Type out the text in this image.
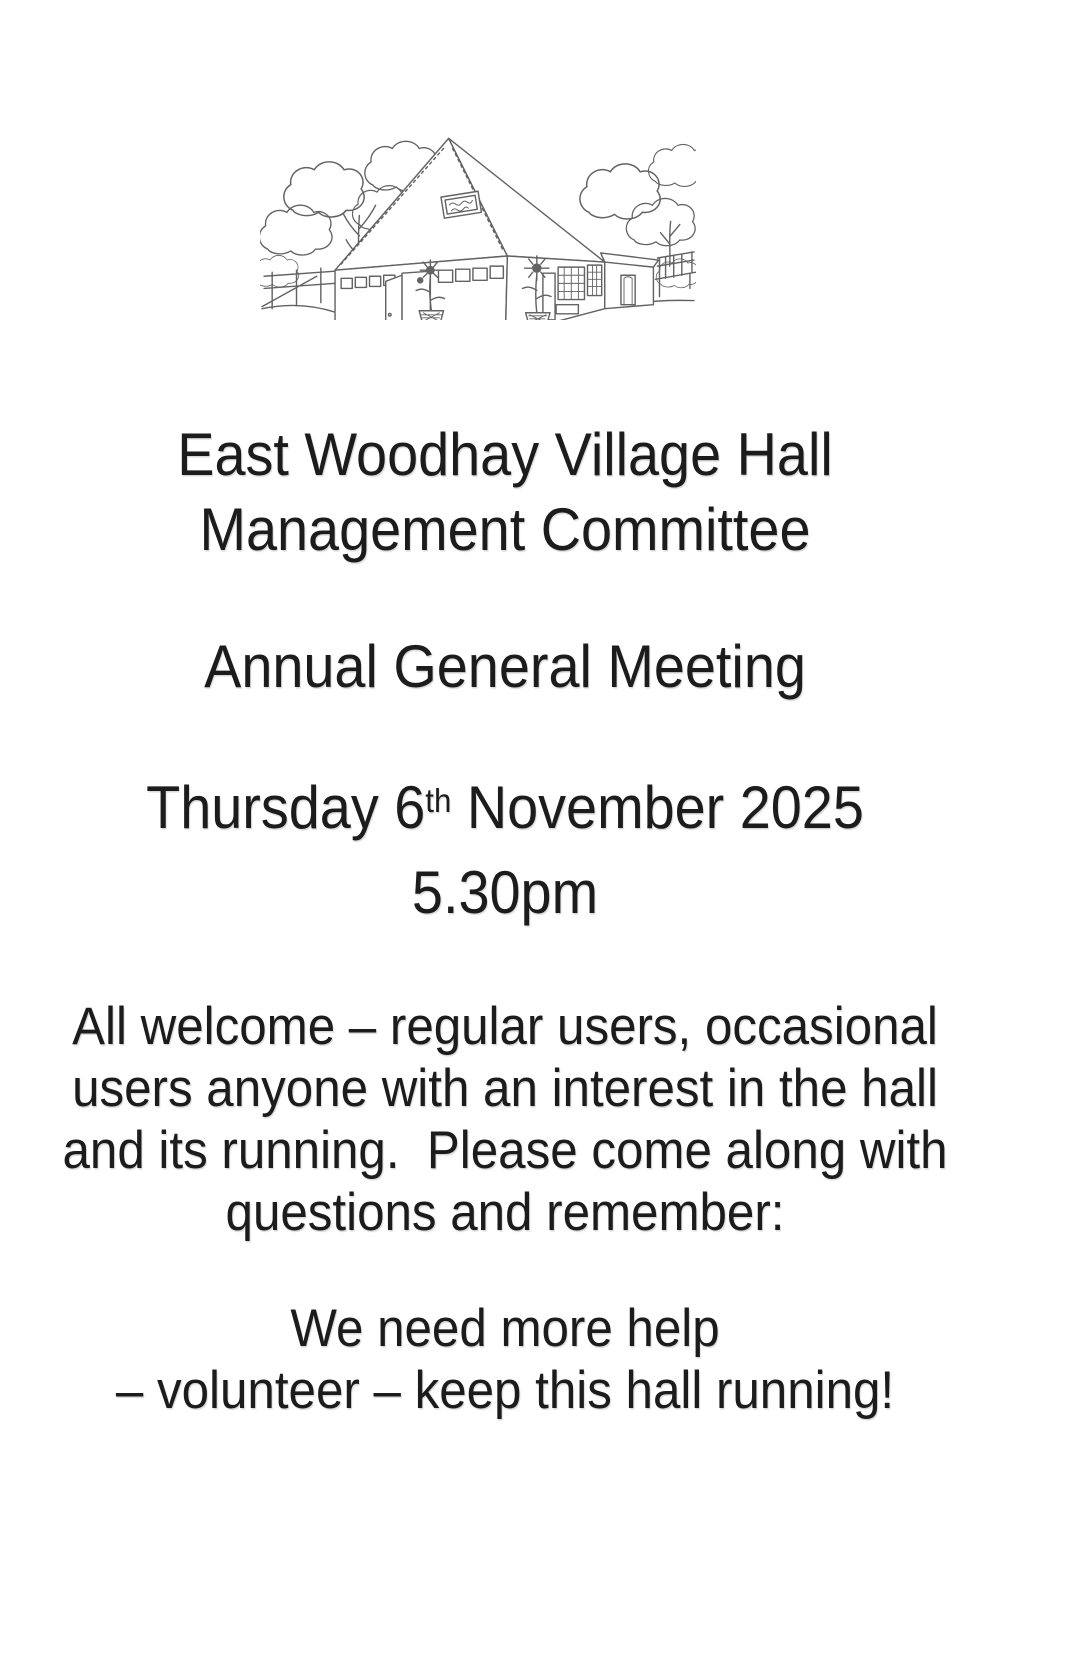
East Woodhay Village Hall
Management Committee
Annual General Meeting
Thursday 6th November 2025
5.30pm
All welcome – regular users, occasional
users anyone with an interest in the hall
and its running.  Please come along with
questions and remember:
We need more help
– volunteer – keep this hall running!
